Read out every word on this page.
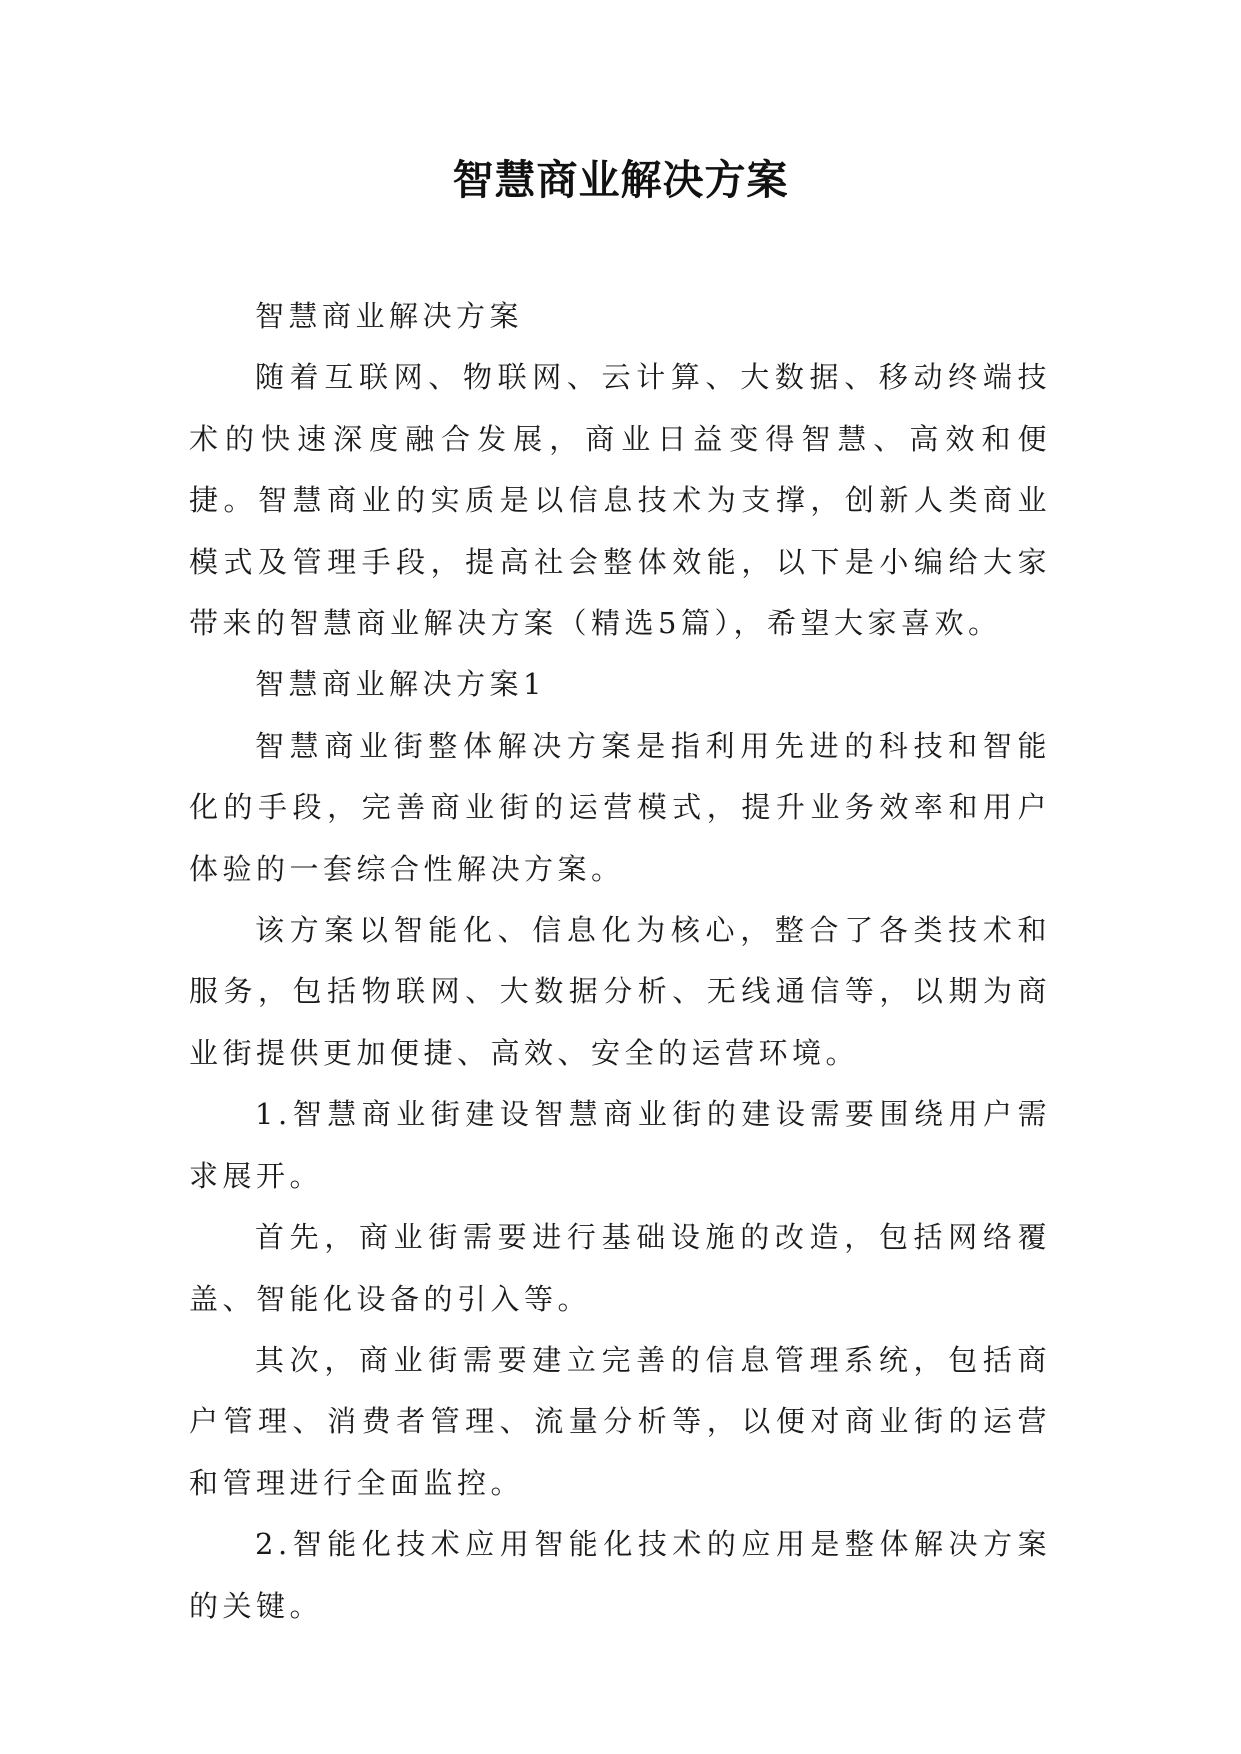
智慧商业解决方案

智慧商业解决方案

随着互联网、物联网、云计算、大数据、移动终端技术的快速深度融合发展，商业日益变得智慧、高效和便捷。智慧商业的实质是以信息技术为支撑，创新人类商业模式及管理手段，提高社会整体效能，以下是小编给大家带来的智慧商业解决方案（精选5篇），希望大家喜欢。

智慧商业解决方案1

智慧商业街整体解决方案是指利用先进的科技和智能化的手段，完善商业街的运营模式，提升业务效率和用户体验的一套综合性解决方案。

该方案以智能化、信息化为核心，整合了各类技术和服务，包括物联网、大数据分析、无线通信等，以期为商业街提供更加便捷、高效、安全的运营环境。

1.智慧商业街建设智慧商业街的建设需要围绕用户需求展开。

首先，商业街需要进行基础设施的改造，包括网络覆盖、智能化设备的引入等。

其次，商业街需要建立完善的信息管理系统，包括商户管理、消费者管理、流量分析等，以便对商业街的运营和管理进行全面监控。

2.智能化技术应用智能化技术的应用是整体解决方案的关键。
